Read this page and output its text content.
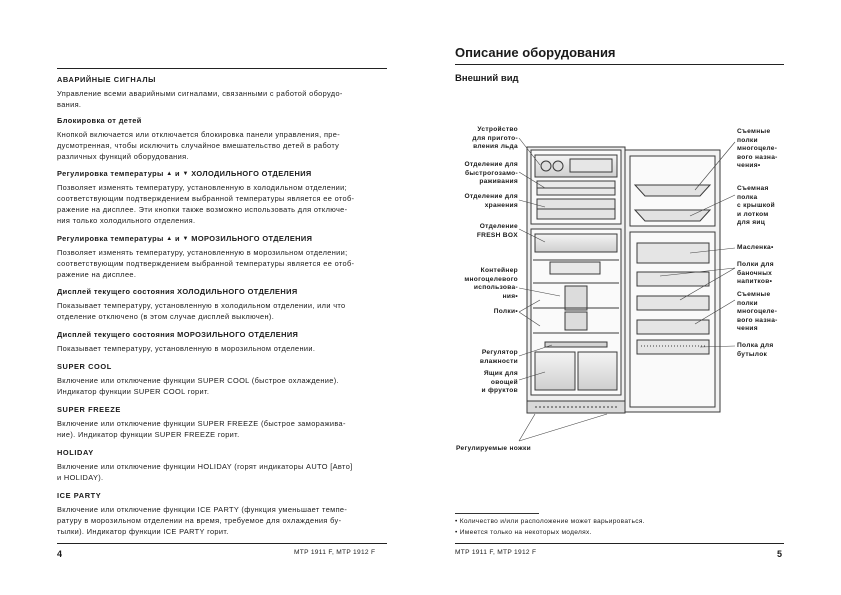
АВАРИЙНЫЕ СИГНАЛЫ

Управление всеми аварийными сигналами, связанными с работой оборудо-

вания.

Блокировка от детей

Кнопкой включается или отключается блокировка панели управления, пре-

дусмотренная, чтобы исключить случайное вмешательство детей в работу

различных функций оборудования.

Регулировка температуры ▲ и ▼ ХОЛОДИЛЬНОГО ОТДЕЛЕНИЯ

Позволяет изменять температуру, установленную в холодильном отделении;

соответствующим подтверждением выбранной температуры является ее отоб-

ражение на дисплее. Эти кнопки также возможно использовать для отключе-

ния только холодильного отделения.

Регулировка температуры ▲ и ▼ МОРОЗИЛЬНОГО ОТДЕЛЕНИЯ

Позволяет изменять температуру, установленную в морозильном отделении;

соответствующим подтверждением выбранной температуры является ее отоб-

ражение на дисплее.

Дисплей текущего состояния ХОЛОДИЛЬНОГО ОТДЕЛЕНИЯ

Показывает температуру, установленную в холодильном отделении, или что

отделение отключено (в этом случае дисплей выключен).

Дисплей текущего состояния МОРОЗИЛЬНОГО ОТДЕЛЕНИЯ

Показывает температуру, установленную в морозильном отделении.

SUPER COOL

Включение или отключение функции SUPER COOL (быстрое охлаждение).

Индикатор функции SUPER COOL горит.

SUPER FREEZE

Включение или отключение функции SUPER FREEZE (быстрое заморажива-

ние). Индикатор функции SUPER FREEZE горит.

HOLIDAY

Включение или отключение функции HOLIDAY (горят индикаторы AUTO [Авто]

и HOLIDAY).

ICE PARTY

Включение или отключение функции ICE PARTY (функция уменьшает темпе-

ратуру в морозильном отделении на время, требуемое для охлаждения бу-

тылки). Индикатор функции ICE PARTY горит.

4	MTP 1911 F, MTP 1912 F
Описание оборудования
Внешний вид
Устройство
для пригото-
вления льда
Отделение для
быстрогозамо-
раживания
Отделение для
хранения
Отделение
FRESH BOX
Контейнер
многоцелевого
использова-
ния•
Полки•
Регулятор
влажности
Ящик для
овощей
и фруктов
Регулируемые ножки
Съемные
полки
многоцеле-
вого назна-
чения•
Съемная
полка
с крышкой
и лотком
для яиц
Масленка•
Полки для
баночных
напитков•
Съемные
полки
многоцеле-
вого назна-
чения
Полка для
бутылок
• Количество и/или расположение может варьироваться.
• Имеется только на некоторых моделях.
MTP 1911 F, MTP 1912 F	5
